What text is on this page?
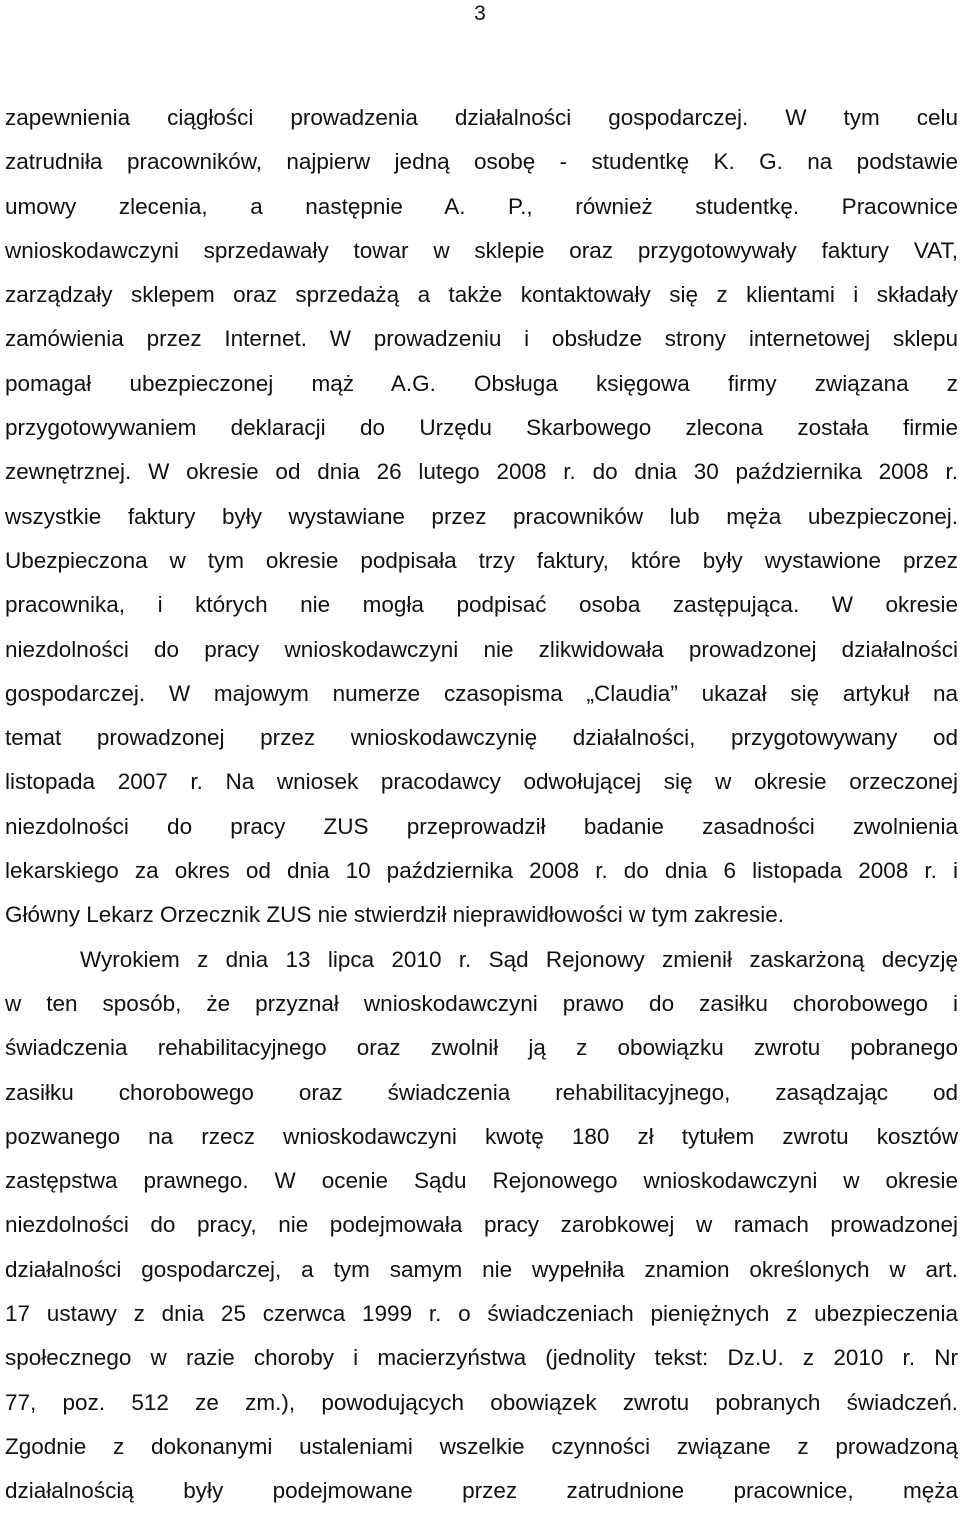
3
zapewnienia ciągłości prowadzenia działalności gospodarczej. W tym celu
zatrudniła pracowników, najpierw jedną osobę - studentkę K. G. na podstawie
umowy zlecenia, a następnie A. P., również studentkę. Pracownice
wnioskodawczyni sprzedawały towar w sklepie oraz przygotowywały faktury VAT,
zarządzały sklepem oraz sprzedażą a także kontaktowały się z klientami i składały
zamówienia przez Internet. W prowadzeniu i obsłudze strony internetowej sklepu
pomagał ubezpieczonej mąż A.G. Obsługa księgowa firmy związana z
przygotowywaniem deklaracji do Urzędu Skarbowego zlecona została firmie
zewnętrznej. W okresie od dnia 26 lutego 2008 r. do dnia 30 października 2008 r.
wszystkie faktury były wystawiane przez pracowników lub męża ubezpieczonej.
Ubezpieczona w tym okresie podpisała trzy faktury, które były wystawione przez
pracownika, i których nie mogła podpisać osoba zastępująca. W okresie
niezdolności do pracy wnioskodawczyni nie zlikwidowała prowadzonej działalności
gospodarczej. W majowym numerze czasopisma „Claudia” ukazał się artykuł na
temat prowadzonej przez wnioskodawczynię działalności, przygotowywany od
listopada 2007 r. Na wniosek pracodawcy odwołującej się w okresie orzeczonej
niezdolności do pracy ZUS przeprowadził badanie zasadności zwolnienia
lekarskiego za okres od dnia 10 października 2008 r. do dnia 6 listopada 2008 r. i
Główny Lekarz Orzecznik ZUS nie stwierdził nieprawidłowości w tym zakresie.
Wyrokiem z dnia 13 lipca 2010 r. Sąd Rejonowy zmienił zaskarżoną decyzję
w ten sposób, że przyznał wnioskodawczyni prawo do zasiłku chorobowego i
świadczenia rehabilitacyjnego oraz zwolnił ją z obowiązku zwrotu pobranego
zasiłku chorobowego oraz świadczenia rehabilitacyjnego, zasądzając od
pozwanego na rzecz wnioskodawczyni kwotę 180 zł tytułem zwrotu kosztów
zastępstwa prawnego. W ocenie Sądu Rejonowego wnioskodawczyni w okresie
niezdolności do pracy, nie podejmowała pracy zarobkowej w ramach prowadzonej
działalności gospodarczej, a tym samym nie wypełniła znamion określonych w art.
17 ustawy z dnia 25 czerwca 1999 r. o świadczeniach pieniężnych z ubezpieczenia
społecznego w razie choroby i macierzyństwa (jednolity tekst: Dz.U. z 2010 r. Nr
77, poz. 512 ze zm.), powodujących obowiązek zwrotu pobranych świadczeń.
Zgodnie z dokonanymi ustaleniami wszelkie czynności związane z prowadzoną
działalnością były podejmowane przez zatrudnione pracownice, męża
